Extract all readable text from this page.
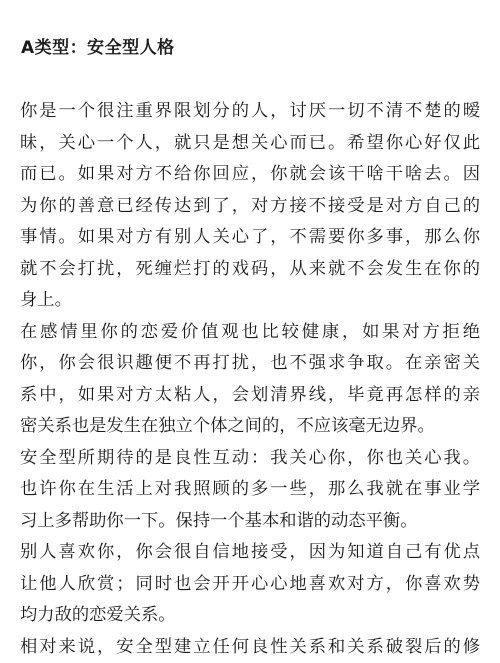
A类型：安全型人格
你是一个很注重界限划分的人，讨厌一切不清不楚的暧
昧，关心一个人，就只是想关心而已。希望你心好仅此
而已。如果对方不给你回应，你就会该干啥干啥去。因
为你的善意已经传达到了，对方接不接受是对方自己的
事情。如果对方有别人关心了，不需要你多事，那么你
就不会打扰，死缠烂打的戏码，从来就不会发生在你的
身上。
在感情里你的恋爱价值观也比较健康，如果对方拒绝
你，你会很识趣便不再打扰，也不强求争取。在亲密关
系中，如果对方太粘人，会划清界线，毕竟再怎样的亲
密关系也是发生在独立个体之间的，不应该毫无边界。
安全型所期待的是良性互动：我关心你，你也关心我。
也许你在生活上对我照顾的多一些，那么我就在事业学
习上多帮助你一下。保持一个基本和谐的动态平衡。
别人喜欢你，你会很自信地接受，因为知道自己有优点
让他人欣赏；同时也会开开心心地喜欢对方，你喜欢势
均力敌的恋爱关系。
相对来说，安全型建立任何良性关系和关系破裂后的修
